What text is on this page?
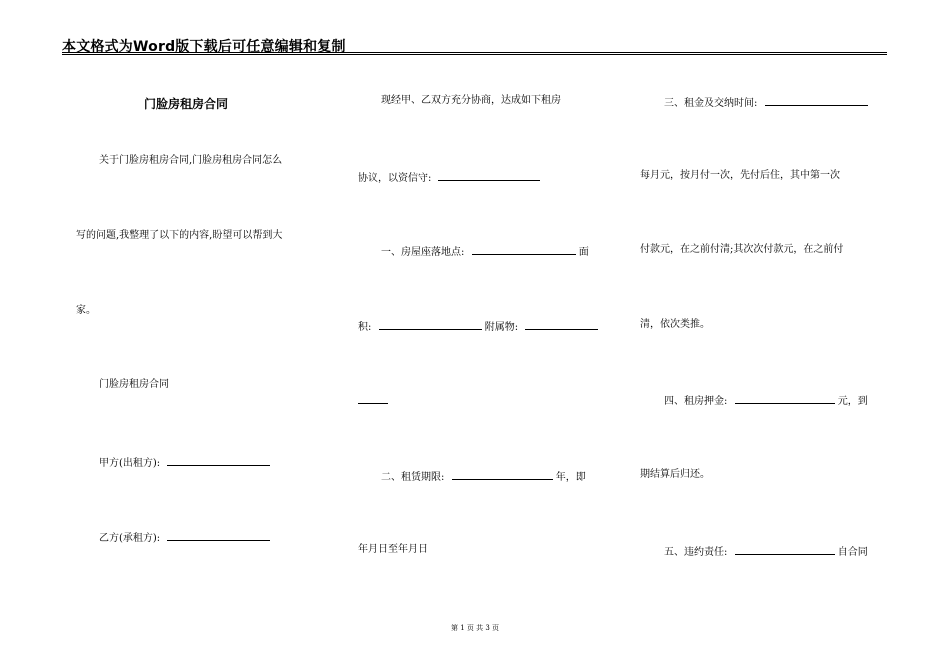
本文格式为Word版下载后可任意编辑和复制
门脸房租房合同
关于门脸房租房合同,门脸房租房合同怎么
写的问题,我整理了以下的内容,盼望可以帮到大
家。
门脸房租房合同
甲方(出租方):
乙方(承租方):
现经甲、乙双方充分协商，达成如下租房
协议，以资信守:
一、房屋座落地点:	面
积:	附属物:
二、租赁期限:	年，即
年月日至年月日
三、租金及交纳时间:
每月元，按月付一次，先付后住，其中第一次
付款元，在之前付清;其次次付款元，在之前付
清，依次类推。
四、租房押金:	元，到
期结算后归还。
五、违约责任:	自合同
第 1 页 共 3 页
